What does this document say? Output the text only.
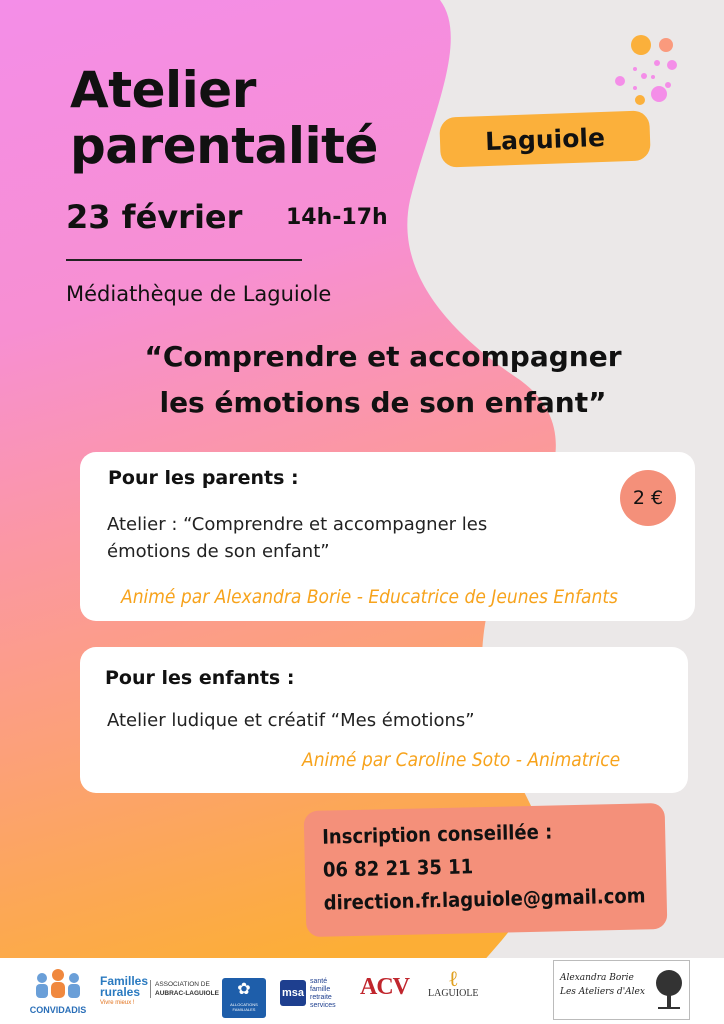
Atelier
parentalité	Laguiole
23 février 14h-17h
Médiathèque de Laguiole
“Comprendre et accompagner
les émotions de son enfant”
Pour les parents :
Atelier : “Comprendre et accompagner les
émotions de son enfant”
Animé par Alexandra Borie - Educatrice de Jeunes Enfants
2 €
Pour les enfants :
Atelier ludique et créatif “Mes émotions”
Animé par Caroline Soto - Animatrice
Inscription conseillée :
06 82 21 35 11
direction.fr.laguiole@gmail.com
CONVIDADIS
Familles
rurales
Vivre mieux !
ASSOCIATION DE
AUBRAC-LAGUIOLE	✿
ALLOCATIONS FAMILIALES
msa
santé
famille
retraite
services
ACV ℓ
LAGUIOLE
Alexandra Borie
Les Ateliers d'Alex
